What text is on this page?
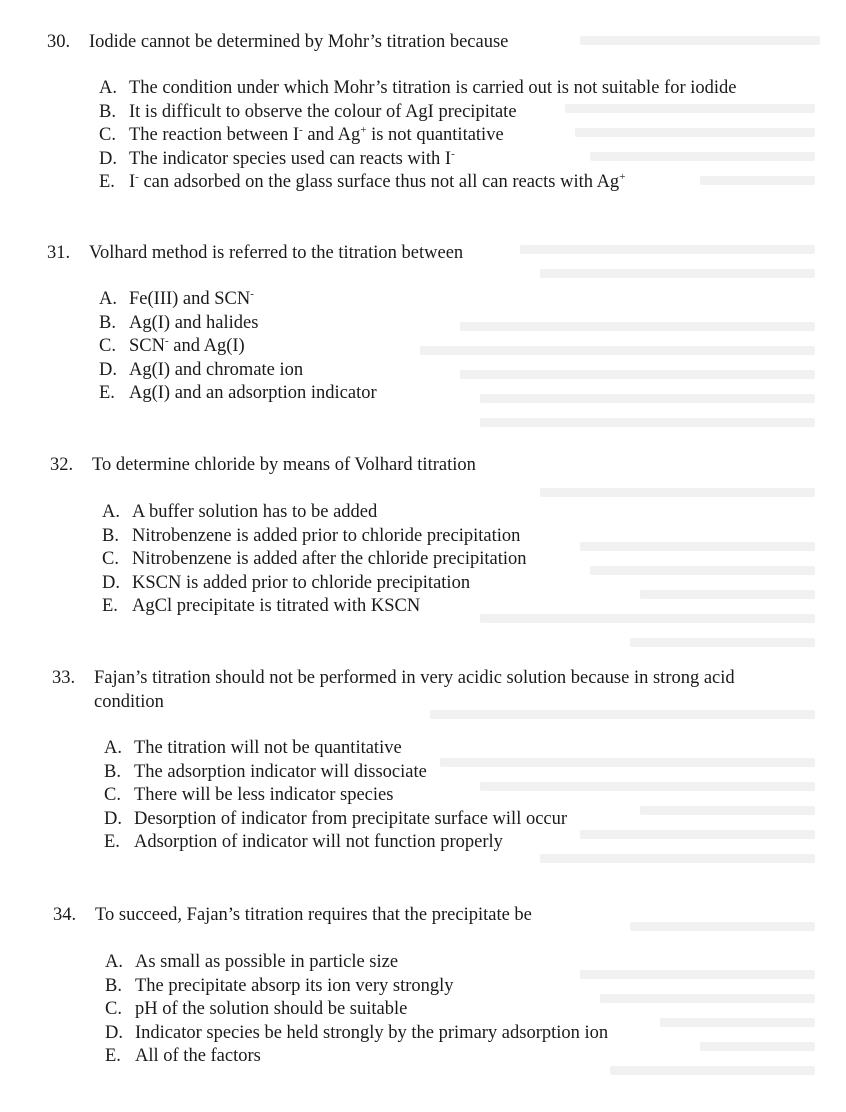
30. Iodide cannot be determined by Mohr’s titration because
A. The condition under which Mohr’s titration is carried out is not suitable for iodide
B. It is difficult to observe the colour of AgI precipitate
C. The reaction between I- and Ag+ is not quantitative
D. The indicator species used can reacts with I-
E. I- can adsorbed on the glass surface thus not all can reacts with Ag+
31. Volhard method is referred to the titration between
A. Fe(III) and SCN-
B. Ag(I) and halides
C. SCN- and Ag(I)
D. Ag(I) and chromate ion
E. Ag(I) and an adsorption indicator
32. To determine chloride by means of Volhard titration
A. A buffer solution has to be added
B. Nitrobenzene is added prior to chloride precipitation
C. Nitrobenzene is added after the chloride precipitation
D. KSCN is added prior to chloride precipitation
E. AgCl precipitate is titrated with KSCN
33. Fajan’s titration should not be performed in very acidic solution because in strong acid condition
A. The titration will not be quantitative
B. The adsorption indicator will dissociate
C. There will be less indicator species
D. Desorption of indicator from precipitate surface will occur
E. Adsorption of indicator will not function properly
34. To succeed, Fajan’s titration requires that the precipitate be
A. As small as possible in particle size
B. The precipitate absorp its ion very strongly
C. pH of the solution should be suitable
D. Indicator species be held strongly by the primary adsorption ion
E. All of the factors
